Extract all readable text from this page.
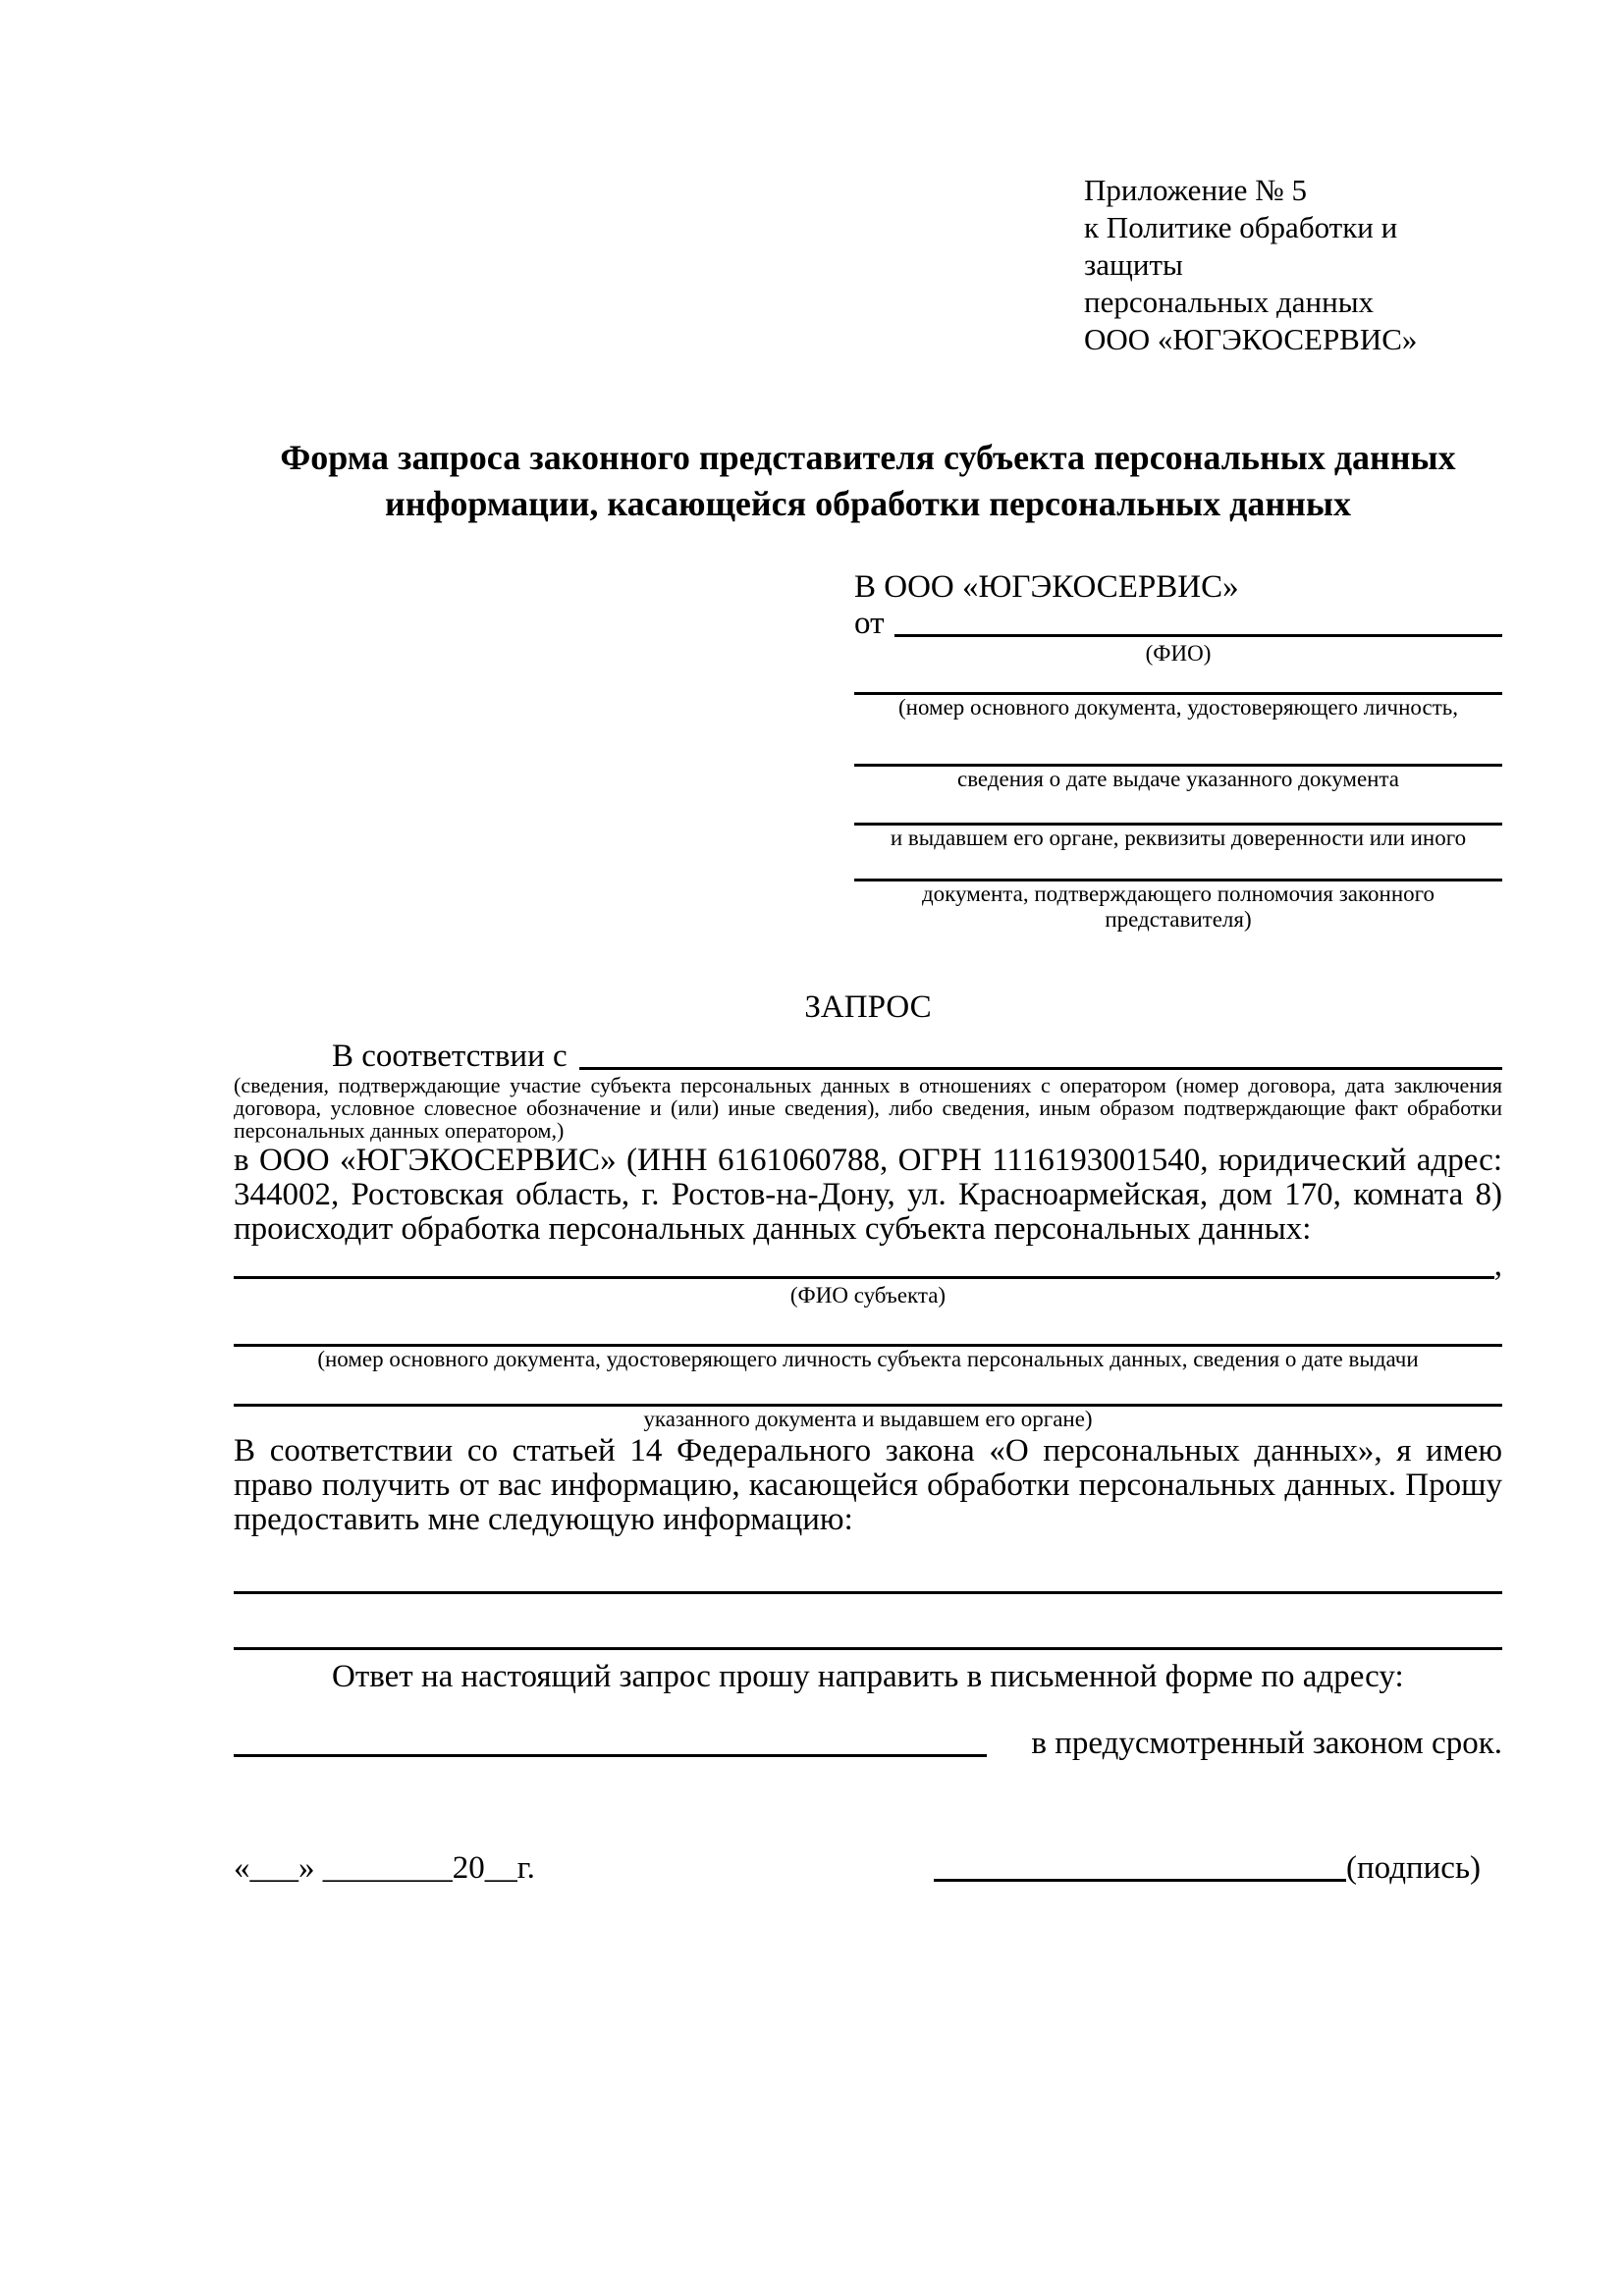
Приложение № 5
к Политике обработки и защиты
персональных данных
ООО «ЮГЭКОСЕРВИС»
Форма запроса законного представителя субъекта персональных данных
информации, касающейся обработки персональных данных
В ООО «ЮГЭКОСЕРВИС»
от
(ФИО)
(номер основного документа, удостоверяющего личность,
сведения о дате выдаче указанного документа
и выдавшем его органе, реквизиты доверенности или иного
документа, подтверждающего полномочия законного представителя)
ЗАПРОС
В соответствии с
(сведения, подтверждающие участие субъекта персональных данных в отношениях с оператором (номер договора, дата заключения договора, условное словесное обозначение и (или) иные сведения), либо сведения, иным образом подтверждающие факт обработки персональных данных оператором,)

в ООО «ЮГЭКОСЕРВИС» (ИНН 6161060788, ОГРН 1116193001540, юридический адрес: 344002, Ростовская область, г. Ростов-на-Дону, ул. Красноармейская, дом 170, комната 8) происходит обработка персональных данных субъекта персональных данных:

,
(ФИО субъекта)
(номер основного документа, удостоверяющего личность субъекта персональных данных, сведения о дате выдачи
указанного документа и выдавшем его органе)

В соответствии со статьей 14 Федерального закона «О персональных данных», я имею право получить от вас информацию, касающейся обработки персональных данных. Прошу предоставить мне следующую информацию:

Ответ на настоящий запрос прошу направить в письменной форме по адресу:

в предусмотренный законом срок.
«___» ________20__г.	(подпись)
